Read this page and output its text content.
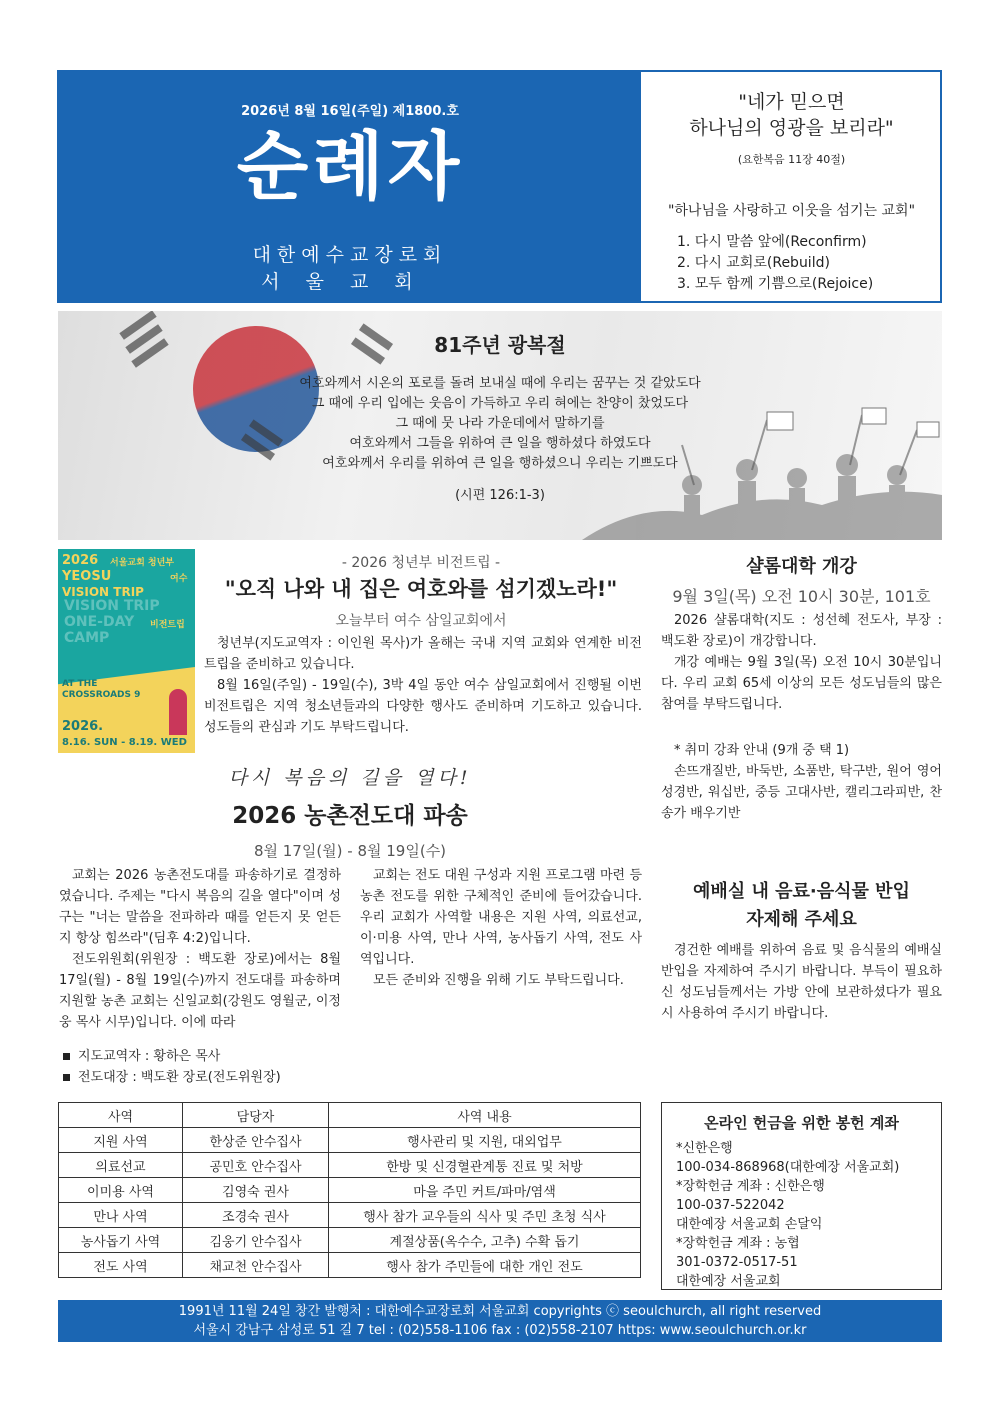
2026년 8월 16일(주일) 제1800.호
순례자
대한예수교장로회
서울교회
"네가 믿으면
하나님의 영광을 보리라"
(요한복음 11장 40절)
"하나님을 사랑하고 이웃을 섬기는 교회"
1. 다시 말씀 앞에(Reconfirm)
2. 다시 교회로(Rebuild)
3. 모두 함께 기쁨으로(Rejoice)
81주년 광복절
여호와께서 시온의 포로를 돌려 보내실 때에 우리는 꿈꾸는 것 같았도다
그 때에 우리 입에는 웃음이 가득하고 우리 혀에는 찬양이 찼었도다
그 때에 뭇 나라 가운데에서 말하기를
여호와께서 그들을 위하여 큰 일을 행하셨다 하였도다
여호와께서 우리를 위하여 큰 일을 행하셨으니 우리는 기쁘도다
(시편 126:1-3)
2026 서울교회 청년부
YEOSU	여수
VISION TRIP
비전트립
VISION TRIP
ONE-DAY
CAMP
AT THE
CROSSROADS 9
2026.
8.16. SUN - 8.19. WED
- 2026 청년부 비전트립 -
"오직 나와 내 집은 여호와를 섬기겠노라!"
오늘부터 여수 삼일교회에서

청년부(지도교역자 : 이인원 목사)가 올해는 국내 지역 교회와 연계한 비전트립을 준비하고 있습니다.

8월 16일(주일) - 19일(수), 3박 4일 동안 여수 삼일교회에서 진행될 이번 비전트립은 지역 청소년들과의 다양한 행사도 준비하며 기도하고 있습니다. 성도들의 관심과 기도 부탁드립니다.

다시 복음의 길을 열다!
2026 농촌전도대 파송
8월 17일(월) - 8월 19일(수)

교회는 2026 농촌전도대를 파송하기로 결정하였습니다. 주제는 "다시 복음의 길을 열다"이며 성구는 "너는 말씀을 전파하라 때를 얻든지 못 얻든지 항상 힘쓰라"(딤후 4:2)입니다.

전도위원회(위원장 : 백도환 장로)에서는 8월 17일(월) - 8월 19일(수)까지 전도대를 파송하며 지원할 농촌 교회는 신일교회(강원도 영월군, 이정웅 목사 시무)입니다. 이에 따라

교회는 전도 대원 구성과 지원 프로그램 마련 등 농촌 전도를 위한 구체적인 준비에 들어갔습니다. 우리 교회가 사역할 내용은 지원 사역, 의료선교, 이·미용 사역, 만나 사역, 농사돕기 사역, 전도 사역입니다.

모든 준비와 진행을 위해 기도 부탁드립니다.

지도교역자 : 황하은 목사
전도대장 : 백도환 장로(전도위원장)
사역	담당자	사역 내용
지원 사역	한상준 안수집사	행사관리 및 지원, 대외업무
의료선교	공민호 안수집사	한방 및 신경혈관계통 진료 및 처방
이미용 사역	김영숙 권사	마을 주민 커트/파마/염색
만나 사역	조경숙 권사	행사 참가 교우들의 식사 및 주민 초청 식사
농사돕기 사역	김웅기 안수집사	계절상품(옥수수, 고추) 수확 돕기
전도 사역	채교천 안수집사	행사 참가 주민들에 대한 개인 전도
샬롬대학 개강
9월 3일(목) 오전 10시 30분, 101호

2026 샬롬대학(지도 : 성선혜 전도사, 부장 : 백도환 장로)이 개강합니다.

개강 예배는 9월 3일(목) 오전 10시 30분입니다. 우리 교회 65세 이상의 모든 성도님들의 많은 참여를 부탁드립니다.

* 취미 강좌 안내 (9개 중 택 1)

손뜨개질반, 바둑반, 소품반, 탁구반, 원어 영어 성경반, 워십반, 중등 고대사반, 캘리그라피반, 찬송가 배우기반

예배실 내 음료·음식물 반입
자제해 주세요

경건한 예배를 위하여 음료 및 음식물의 예배실 반입을 자제하여 주시기 바랍니다. 부득이 필요하신 성도님들께서는 가방 안에 보관하셨다가 필요시 사용하여 주시기 바랍니다.

온라인 헌금을 위한 봉헌 계좌
*신한은행
100-034-868968(대한예장 서울교회)
*장학헌금 계좌 : 신한은행
100-037-522042
대한예장 서울교회 손달익
*장학헌금 계좌 : 농협
301-0372-0517-51
대한예장 서울교회
1991년 11월 24일 창간 발행처 : 대한예수교장로회 서울교회 copyrights ⓒ seoulchurch, all right reserved
서울시 강남구 삼성로 51 길 7 tel : (02)558-1106 fax : (02)558-2107 https: www.seoulchurch.or.kr
